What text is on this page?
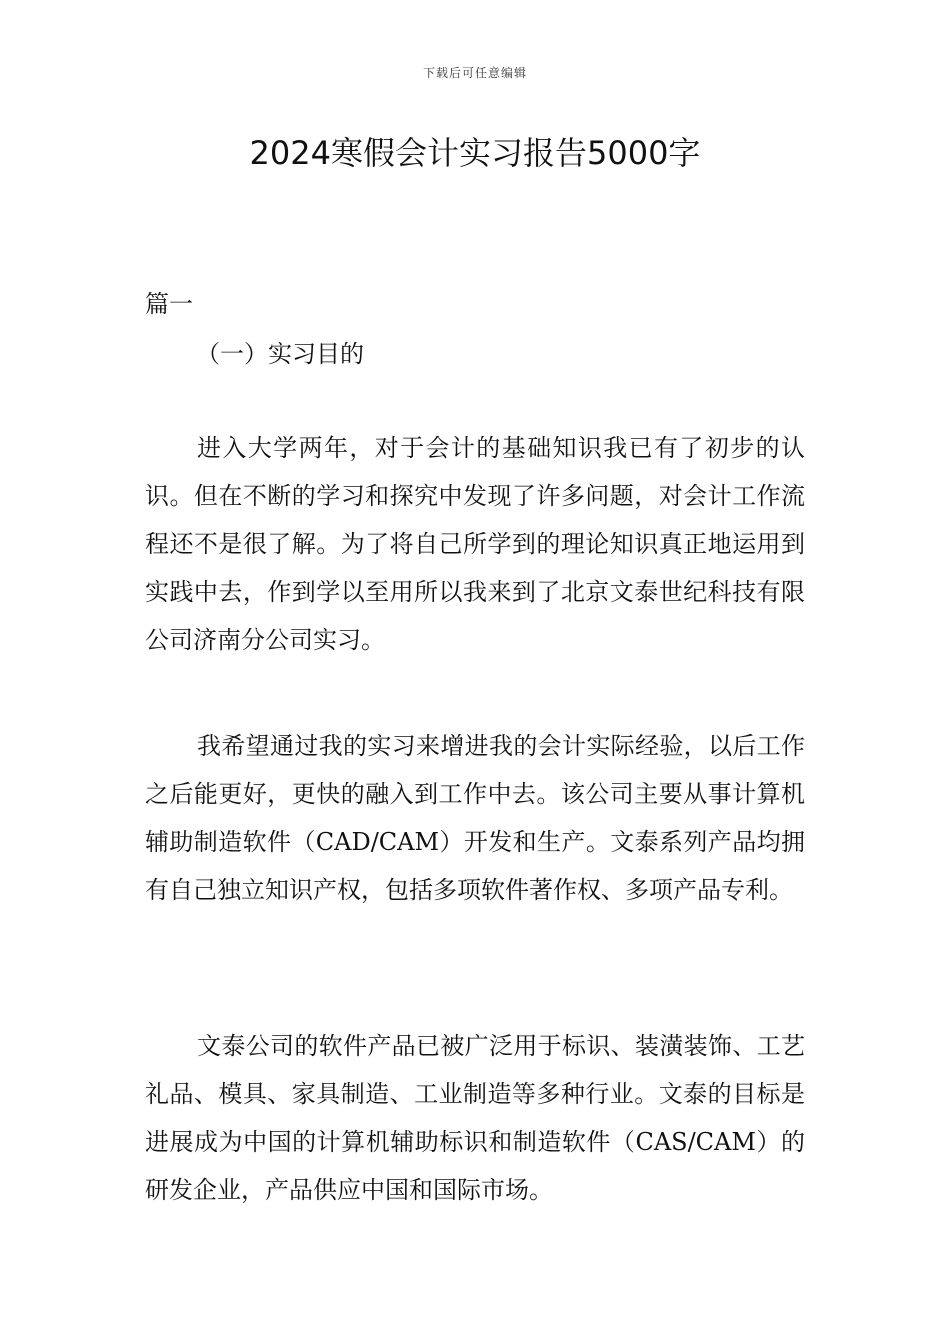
下载后可任意编辑
2024寒假会计实习报告5000字
篇一
（一）实习目的

进入大学两年，对于会计的基础知识我已有了初步的认识。但在不断的学习和探究中发现了许多问题，对会计工作流程还不是很了解。为了将自己所学到的理论知识真正地运用到实践中去，作到学以至用所以我来到了北京文泰世纪科技有限公司济南分公司实习。

我希望通过我的实习来增进我的会计实际经验，以后工作之后能更好，更快的融入到工作中去。该公司主要从事计算机辅助制造软件（CAD/CAM）开发和生产。文泰系列产品均拥有自己独立知识产权，包括多项软件著作权、多项产品专利。

文泰公司的软件产品已被广泛用于标识、装潢装饰、工艺礼品、模具、家具制造、工业制造等多种行业。文泰的目标是进展成为中国的计算机辅助标识和制造软件（CAS/CAM）的研发企业，产品供应中国和国际市场。
